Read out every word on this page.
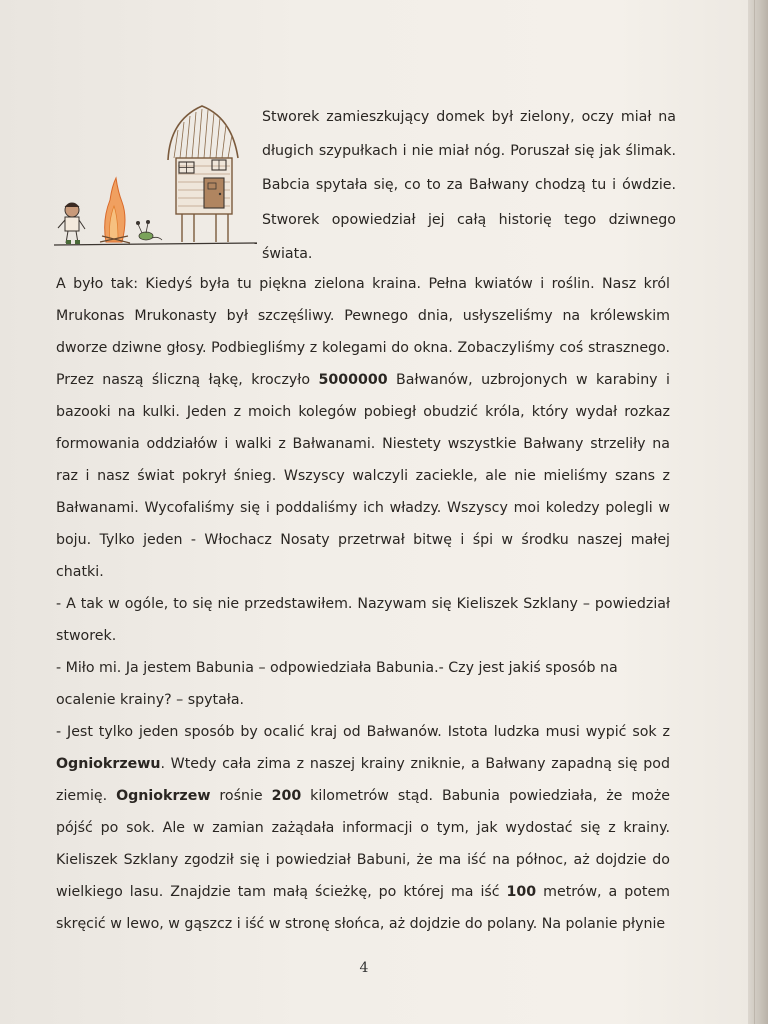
Stworek zamieszkujący domek był zielony, oczy miał na długich szypułkach i nie miał nóg. Poruszał się jak ślimak. Babcia spytała się, co to za Bałwany chodzą tu i ówdzie. Stworek opowiedział jej całą historię tego dziwnego świata.

A było tak: Kiedyś była tu piękna zielona kraina. Pełna kwiatów i roślin. Nasz król Mrukonas Mrukonasty był szczęśliwy. Pewnego dnia, usłyszeliśmy na królewskim dworze dziwne głosy. Podbiegliśmy z kolegami do okna. Zobaczyliśmy coś strasznego. Przez naszą śliczną łąkę, kroczyło 5000000 Bałwanów, uzbrojonych w karabiny i bazooki na kulki. Jeden z moich kolegów pobiegł obudzić króla, który wydał rozkaz formowania oddziałów i walki z Bałwanami. Niestety wszystkie Bałwany strzeliły na raz i nasz świat pokrył śnieg. Wszyscy walczyli zaciekle, ale nie mieliśmy szans z Bałwanami. Wycofaliśmy się i poddaliśmy ich władzy. Wszyscy moi koledzy polegli w boju. Tylko jeden - Włochacz Nosaty przetrwał bitwę i śpi w środku naszej małej chatki.

- A tak w ogóle, to się nie przedstawiłem. Nazywam się Kieliszek Szklany – powiedział stworek.

- Miło mi. Ja jestem Babunia – odpowiedziała Babunia.- Czy jest jakiś sposób na ocalenie krainy? – spytała.

- Jest tylko jeden sposób by ocalić kraj od Bałwanów. Istota ludzka musi wypić sok z Ogniokrzewu. Wtedy cała zima z naszej krainy zniknie, a Bałwany zapadną się pod ziemię. Ogniokrzew rośnie 200 kilometrów stąd. Babunia powiedziała, że może pójść po sok. Ale w zamian zażądała informacji o tym, jak wydostać się z krainy. Kieliszek Szklany zgodził się i powiedział Babuni, że ma iść na północ, aż dojdzie do wielkiego lasu. Znajdzie tam małą ścieżkę, po której ma iść 100 metrów, a potem skręcić w lewo, w gąszcz i iść w stronę słońca, aż dojdzie do polany. Na polanie płynie

4
